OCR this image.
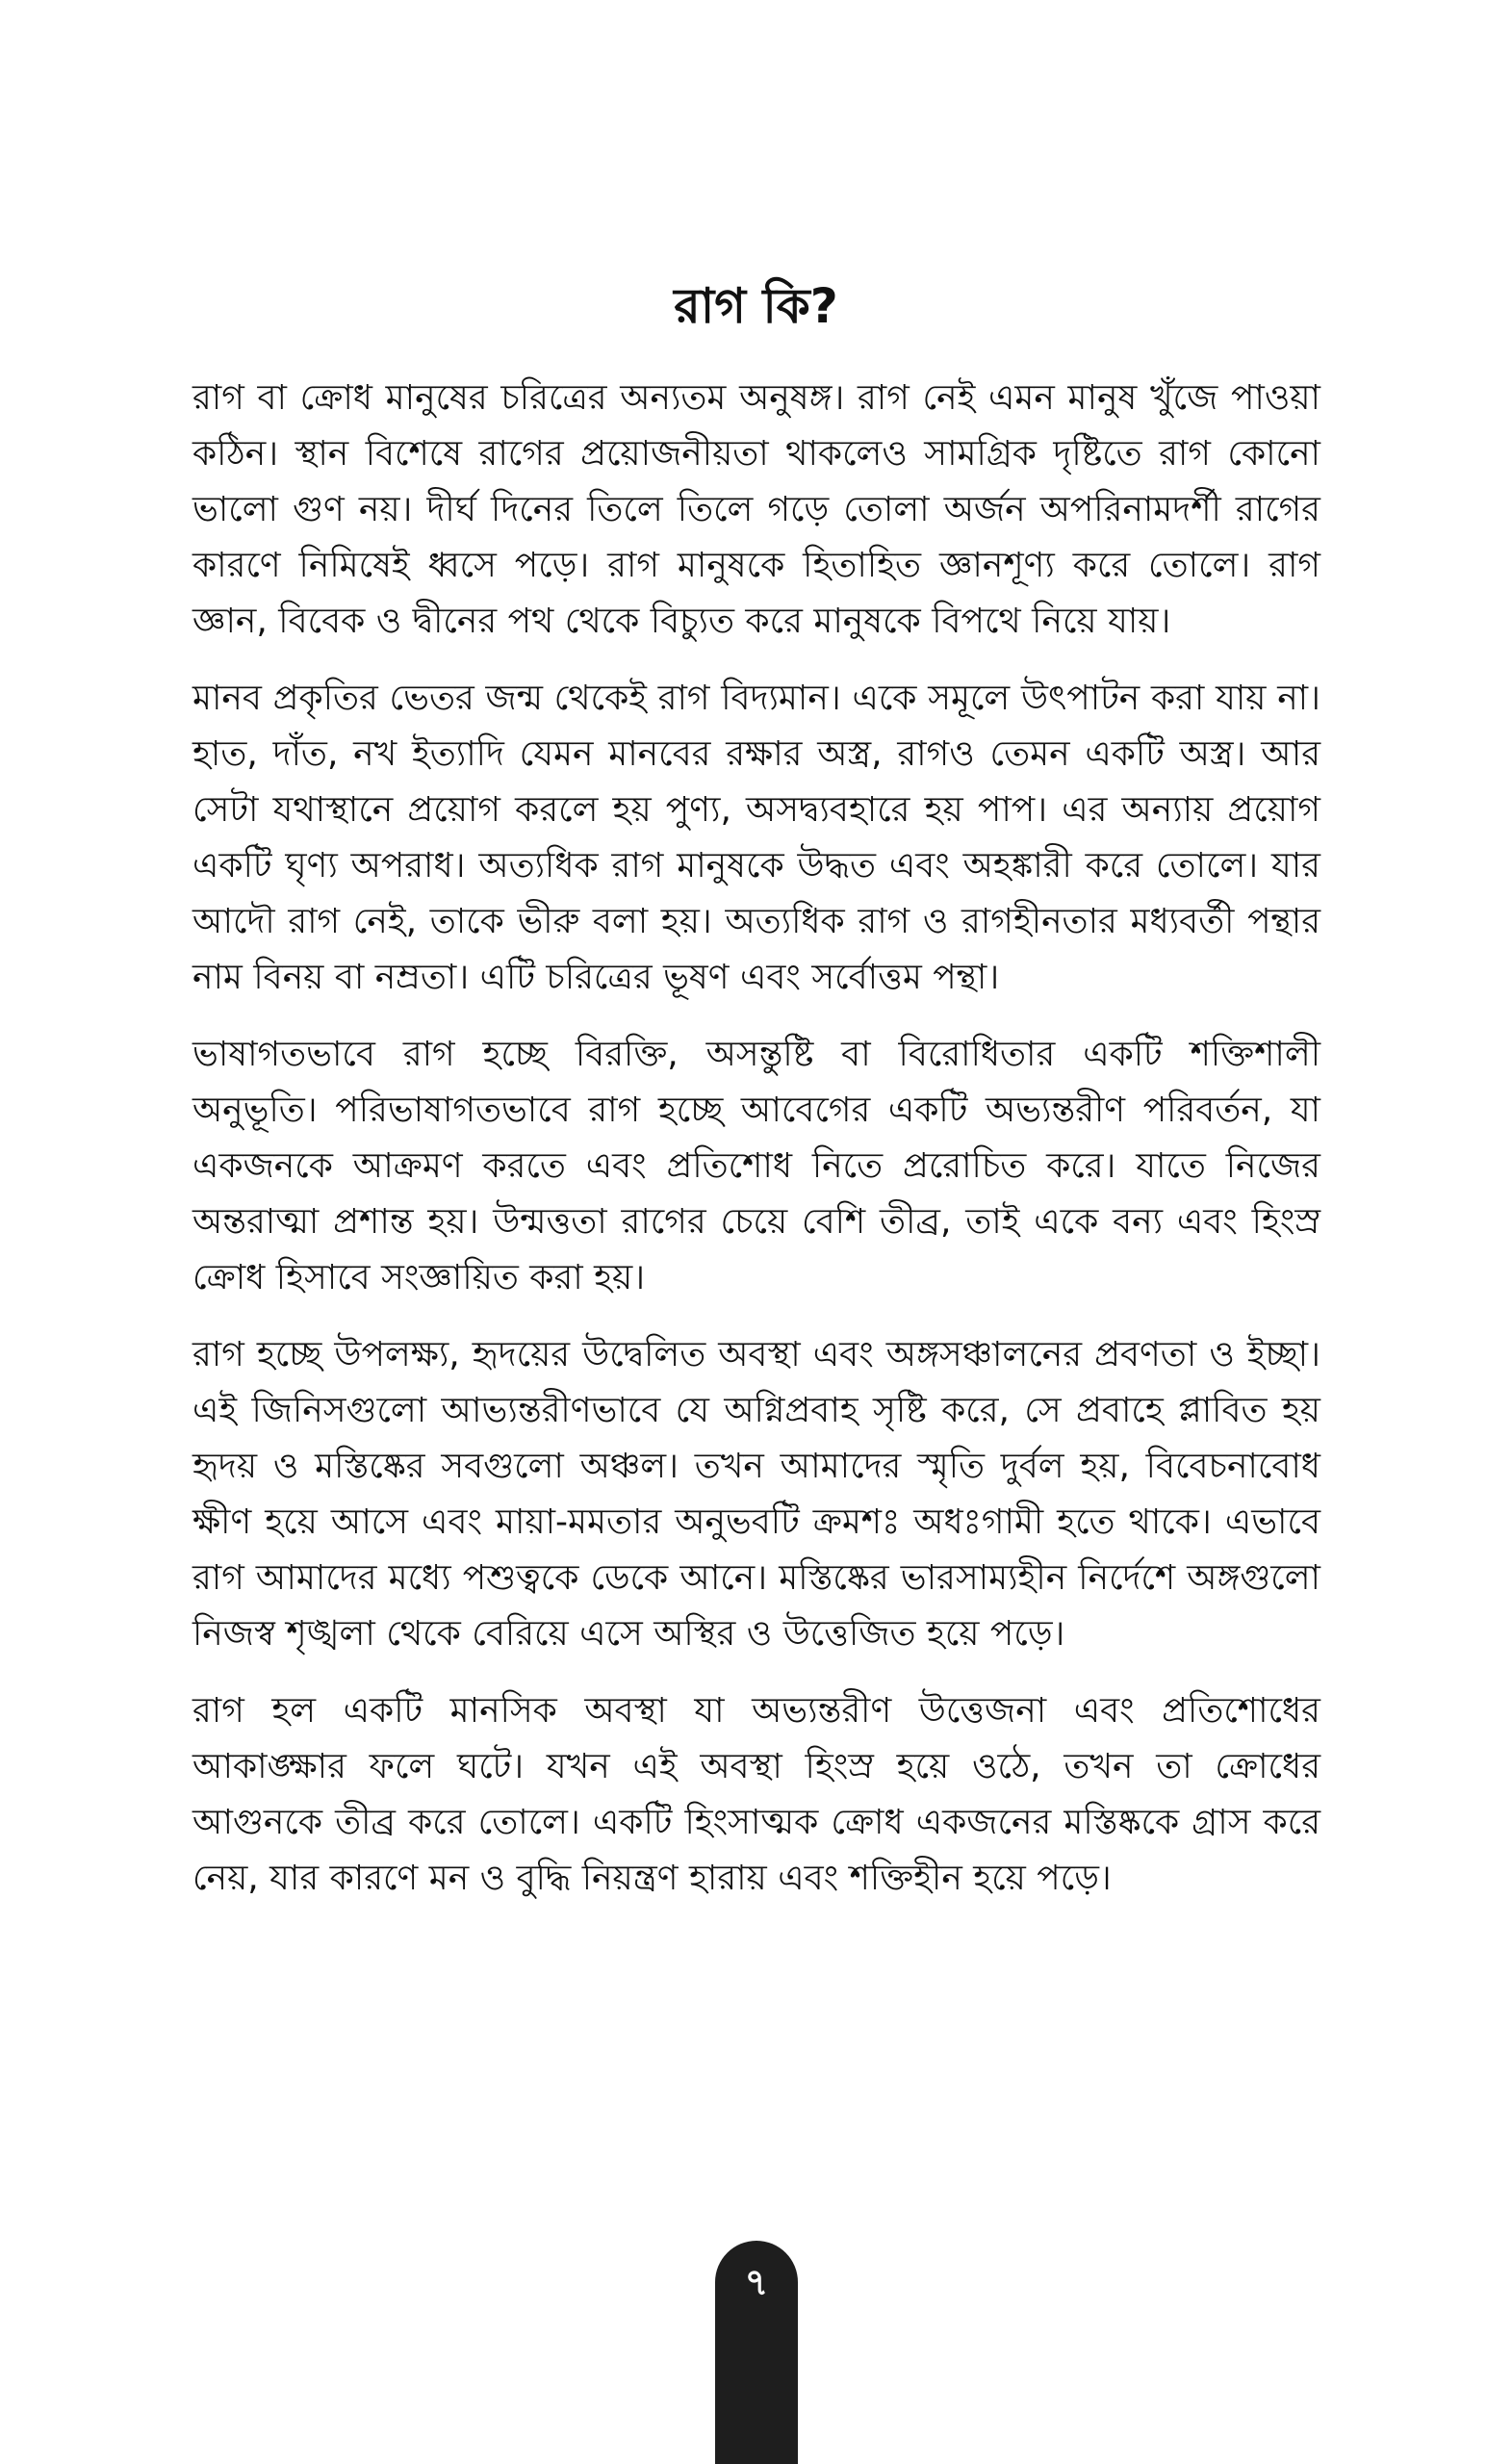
রাগ কি?

রাগ বা ক্রোধ মানুষের চরিত্রের অন্যতম অনুষঙ্গ। রাগ নেই এমন মানুষ খুঁজে পাওয়া কঠিন। স্থান বিশেষে রাগের প্রয়োজনীয়তা থাকলেও সামগ্রিক দৃষ্টিতে রাগ কোনো ভালো গুণ নয়। দীর্ঘ দিনের তিলে তিলে গড়ে তোলা অর্জন অপরিনামদর্শী রাগের কারণে নিমিষেই ধ্বসে পড়ে। রাগ মানুষকে হিতাহিত জ্ঞানশূণ্য করে তোলে। রাগ জ্ঞান, বিবেক ও দ্বীনের পথ থেকে বিচ্যুত করে মানুষকে বিপথে নিয়ে যায়।

মানব প্রকৃতির ভেতর জন্ম থেকেই রাগ বিদ্যমান। একে সমূলে উৎপাটন করা যায় না। হাত, দাঁত, নখ ইত্যাদি যেমন মানবের রক্ষার অস্ত্র, রাগও তেমন একটি অস্ত্র। আর সেটা যথাস্থানে প্রয়োগ করলে হয় পুণ্য, অসদ্ব্যবহারে হয় পাপ। এর অন্যায় প্রয়োগ একটি ঘৃণ্য অপরাধ। অত্যধিক রাগ মানুষকে উদ্ধত এবং অহঙ্কারী করে তোলে। যার আদৌ রাগ নেই, তাকে ভীরু বলা হয়। অত্যধিক রাগ ও রাগহীনতার মধ্যবর্তী পন্থার নাম বিনয় বা নম্রতা। এটি চরিত্রের ভূষণ এবং সর্বোত্তম পন্থা।

ভাষাগতভাবে রাগ হচ্ছে বিরক্তি, অসন্তুষ্টি বা বিরোধিতার একটি শক্তিশালী অনুভূতি। পরিভাষাগতভাবে রাগ হচ্ছে আবেগের একটি অভ্যন্তরীণ পরিবর্তন, যা একজনকে আক্রমণ করতে এবং প্রতিশোধ নিতে প্ররোচিত করে। যাতে নিজের অন্তরাত্মা প্রশান্ত হয়। উন্মত্ততা রাগের চেয়ে বেশি তীব্র, তাই একে বন্য এবং হিংস্র ক্রোধ হিসাবে সংজ্ঞায়িত করা হয়।

রাগ হচ্ছে উপলক্ষ্য, হৃদয়ের উদ্বেলিত অবস্থা এবং অঙ্গসঞ্চালনের প্রবণতা ও ইচ্ছা। এই জিনিসগুলো আভ্যন্তরীণভাবে যে অগ্নিপ্রবাহ সৃষ্টি করে, সে প্রবাহে প্লাবিত হয় হৃদয় ও মস্তিষ্কের সবগুলো অঞ্চল। তখন আমাদের স্মৃতি দুর্বল হয়, বিবেচনাবোধ ক্ষীণ হয়ে আসে এবং মায়া-মমতার অনুভবটি ক্রমশঃ অধঃগামী হতে থাকে। এভাবে রাগ আমাদের মধ্যে পশুত্বকে ডেকে আনে। মস্তিষ্কের ভারসাম্যহীন নির্দেশে অঙ্গগুলো নিজস্ব শৃঙ্খলা থেকে বেরিয়ে এসে অস্থির ও উত্তেজিত হয়ে পড়ে।

রাগ হল একটি মানসিক অবস্থা যা অভ্যন্তরীণ উত্তেজনা এবং প্রতিশোধের আকাঙ্ক্ষার ফলে ঘটে। যখন এই অবস্থা হিংস্র হয়ে ওঠে, তখন তা ক্রোধের আগুনকে তীব্র করে তোলে। একটি হিংসাত্মক ক্রোধ একজনের মস্তিষ্ককে গ্রাস করে নেয়, যার কারণে মন ও বুদ্ধি নিয়ন্ত্রণ হারায় এবং শক্তিহীন হয়ে পড়ে।

৭
